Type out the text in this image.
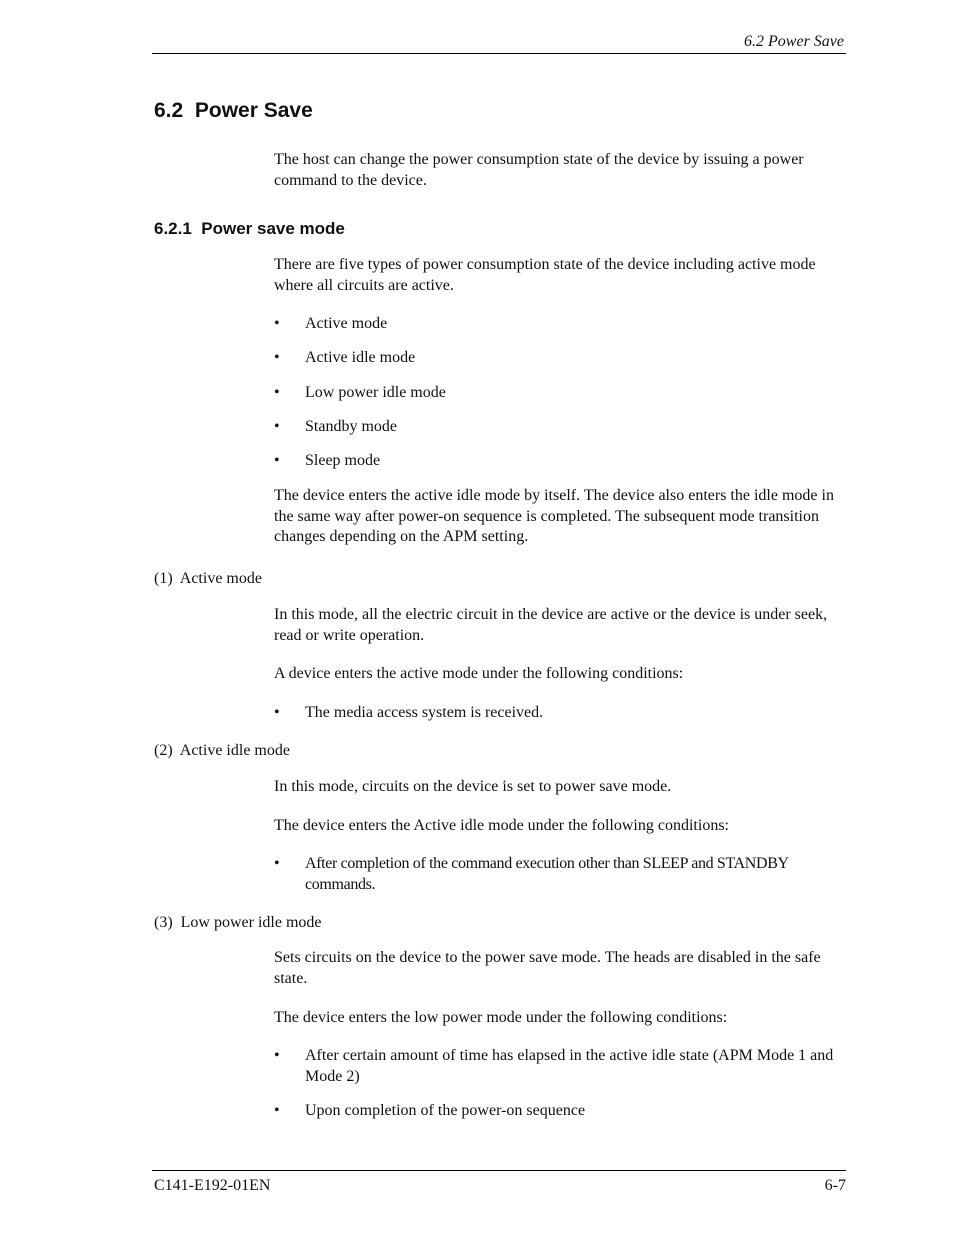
6.2 Power Save
6.2  Power Save
The host can change the power consumption state of the device by issuing a power command to the device.
6.2.1  Power save mode
There are five types of power consumption state of the device including active mode where all circuits are active.
• Active mode
• Active idle mode
• Low power idle mode
• Standby mode
• Sleep mode
The device enters the active idle mode by itself. The device also enters the idle mode in the same way after power-on sequence is completed. The subsequent mode transition changes depending on the APM setting.
(1)  Active mode
In this mode, all the electric circuit in the device are active or the device is under seek, read or write operation.
A device enters the active mode under the following conditions:
• The media access system is received.
(2)  Active idle mode
In this mode, circuits on the device is set to power save mode.
The device enters the Active idle mode under the following conditions:
• After completion of the command execution other than SLEEP and STANDBY commands.
(3)  Low power idle mode
Sets circuits on the device to the power save mode. The heads are disabled in the safe state.
The device enters the low power mode under the following conditions:
• After certain amount of time has elapsed in the active idle state (APM Mode 1 and Mode 2)
• Upon completion of the power-on sequence
C141-E192-01EN	6-7
